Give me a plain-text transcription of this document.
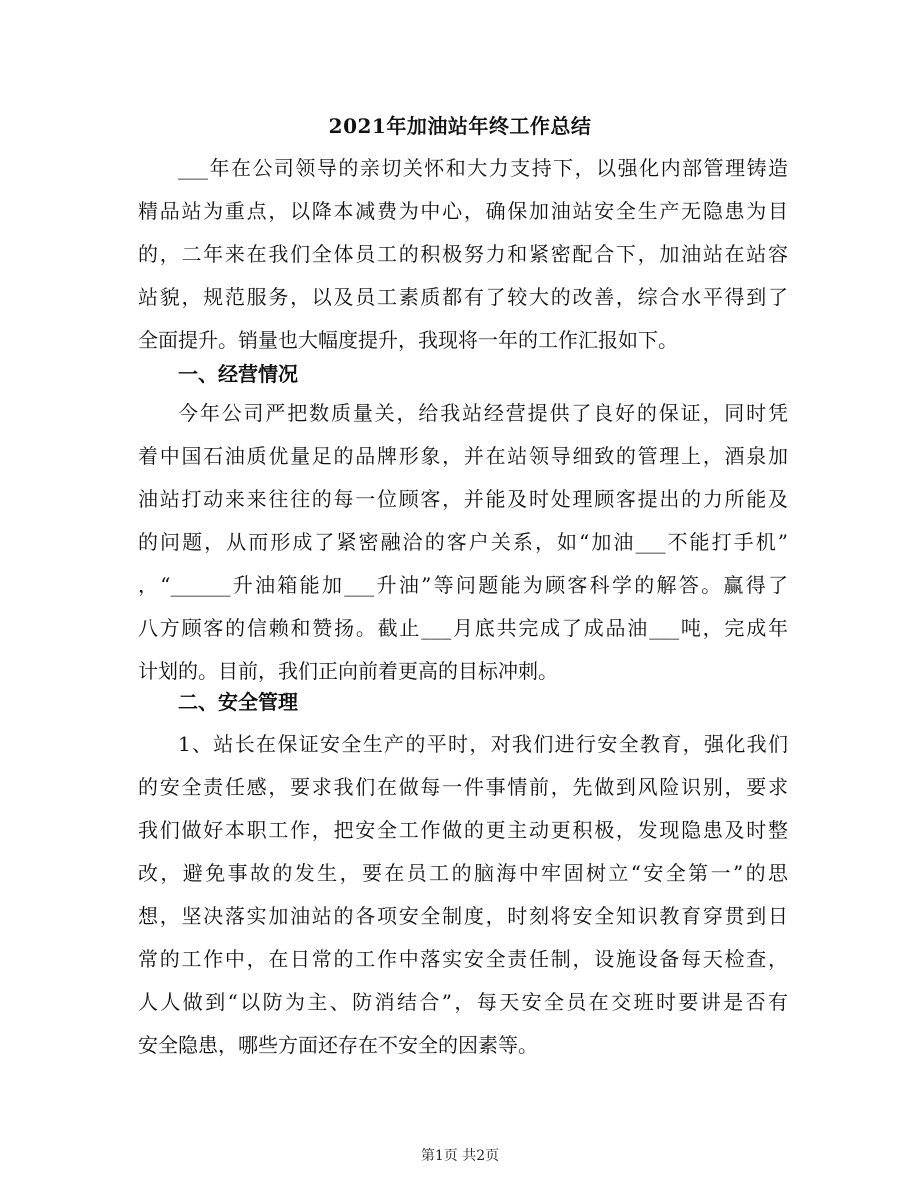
2021年加油站年终工作总结
___年在公司领导的亲切关怀和大力支持下，以强化内部管理铸造
精品站为重点，以降本减费为中心，确保加油站安全生产无隐患为目
的，二年来在我们全体员工的积极努力和紧密配合下，加油站在站容
站貌，规范服务，以及员工素质都有了较大的改善，综合水平得到了
全面提升。销量也大幅度提升，我现将一年的工作汇报如下。
一、经营情况
今年公司严把数质量关，给我站经营提供了良好的保证，同时凭
着中国石油质优量足的品牌形象，并在站领导细致的管理上，酒泉加
油站打动来来往往的每一位顾客，并能及时处理顾客提出的力所能及
的问题，从而形成了紧密融洽的客户关系，如“加油___不能打手机”
，“______升油箱能加___升油”等问题能为顾客科学的解答。赢得了
八方顾客的信赖和赞扬。截止___月底共完成了成品油___吨，完成年
计划的。目前，我们正向前着更高的目标冲刺。
二、安全管理
1、站长在保证安全生产的平时，对我们进行安全教育，强化我们
的安全责任感，要求我们在做每一件事情前，先做到风险识别，要求
我们做好本职工作，把安全工作做的更主动更积极，发现隐患及时整
改，避免事故的发生，要在员工的脑海中牢固树立“安全第一”的思
想，坚决落实加油站的各项安全制度，时刻将安全知识教育穿贯到日
常的工作中，在日常的工作中落实安全责任制，设施设备每天检查，
人人做到“以防为主、防消结合”，每天安全员在交班时要讲是否有
安全隐患，哪些方面还存在不安全的因素等。
第1页 共2页
